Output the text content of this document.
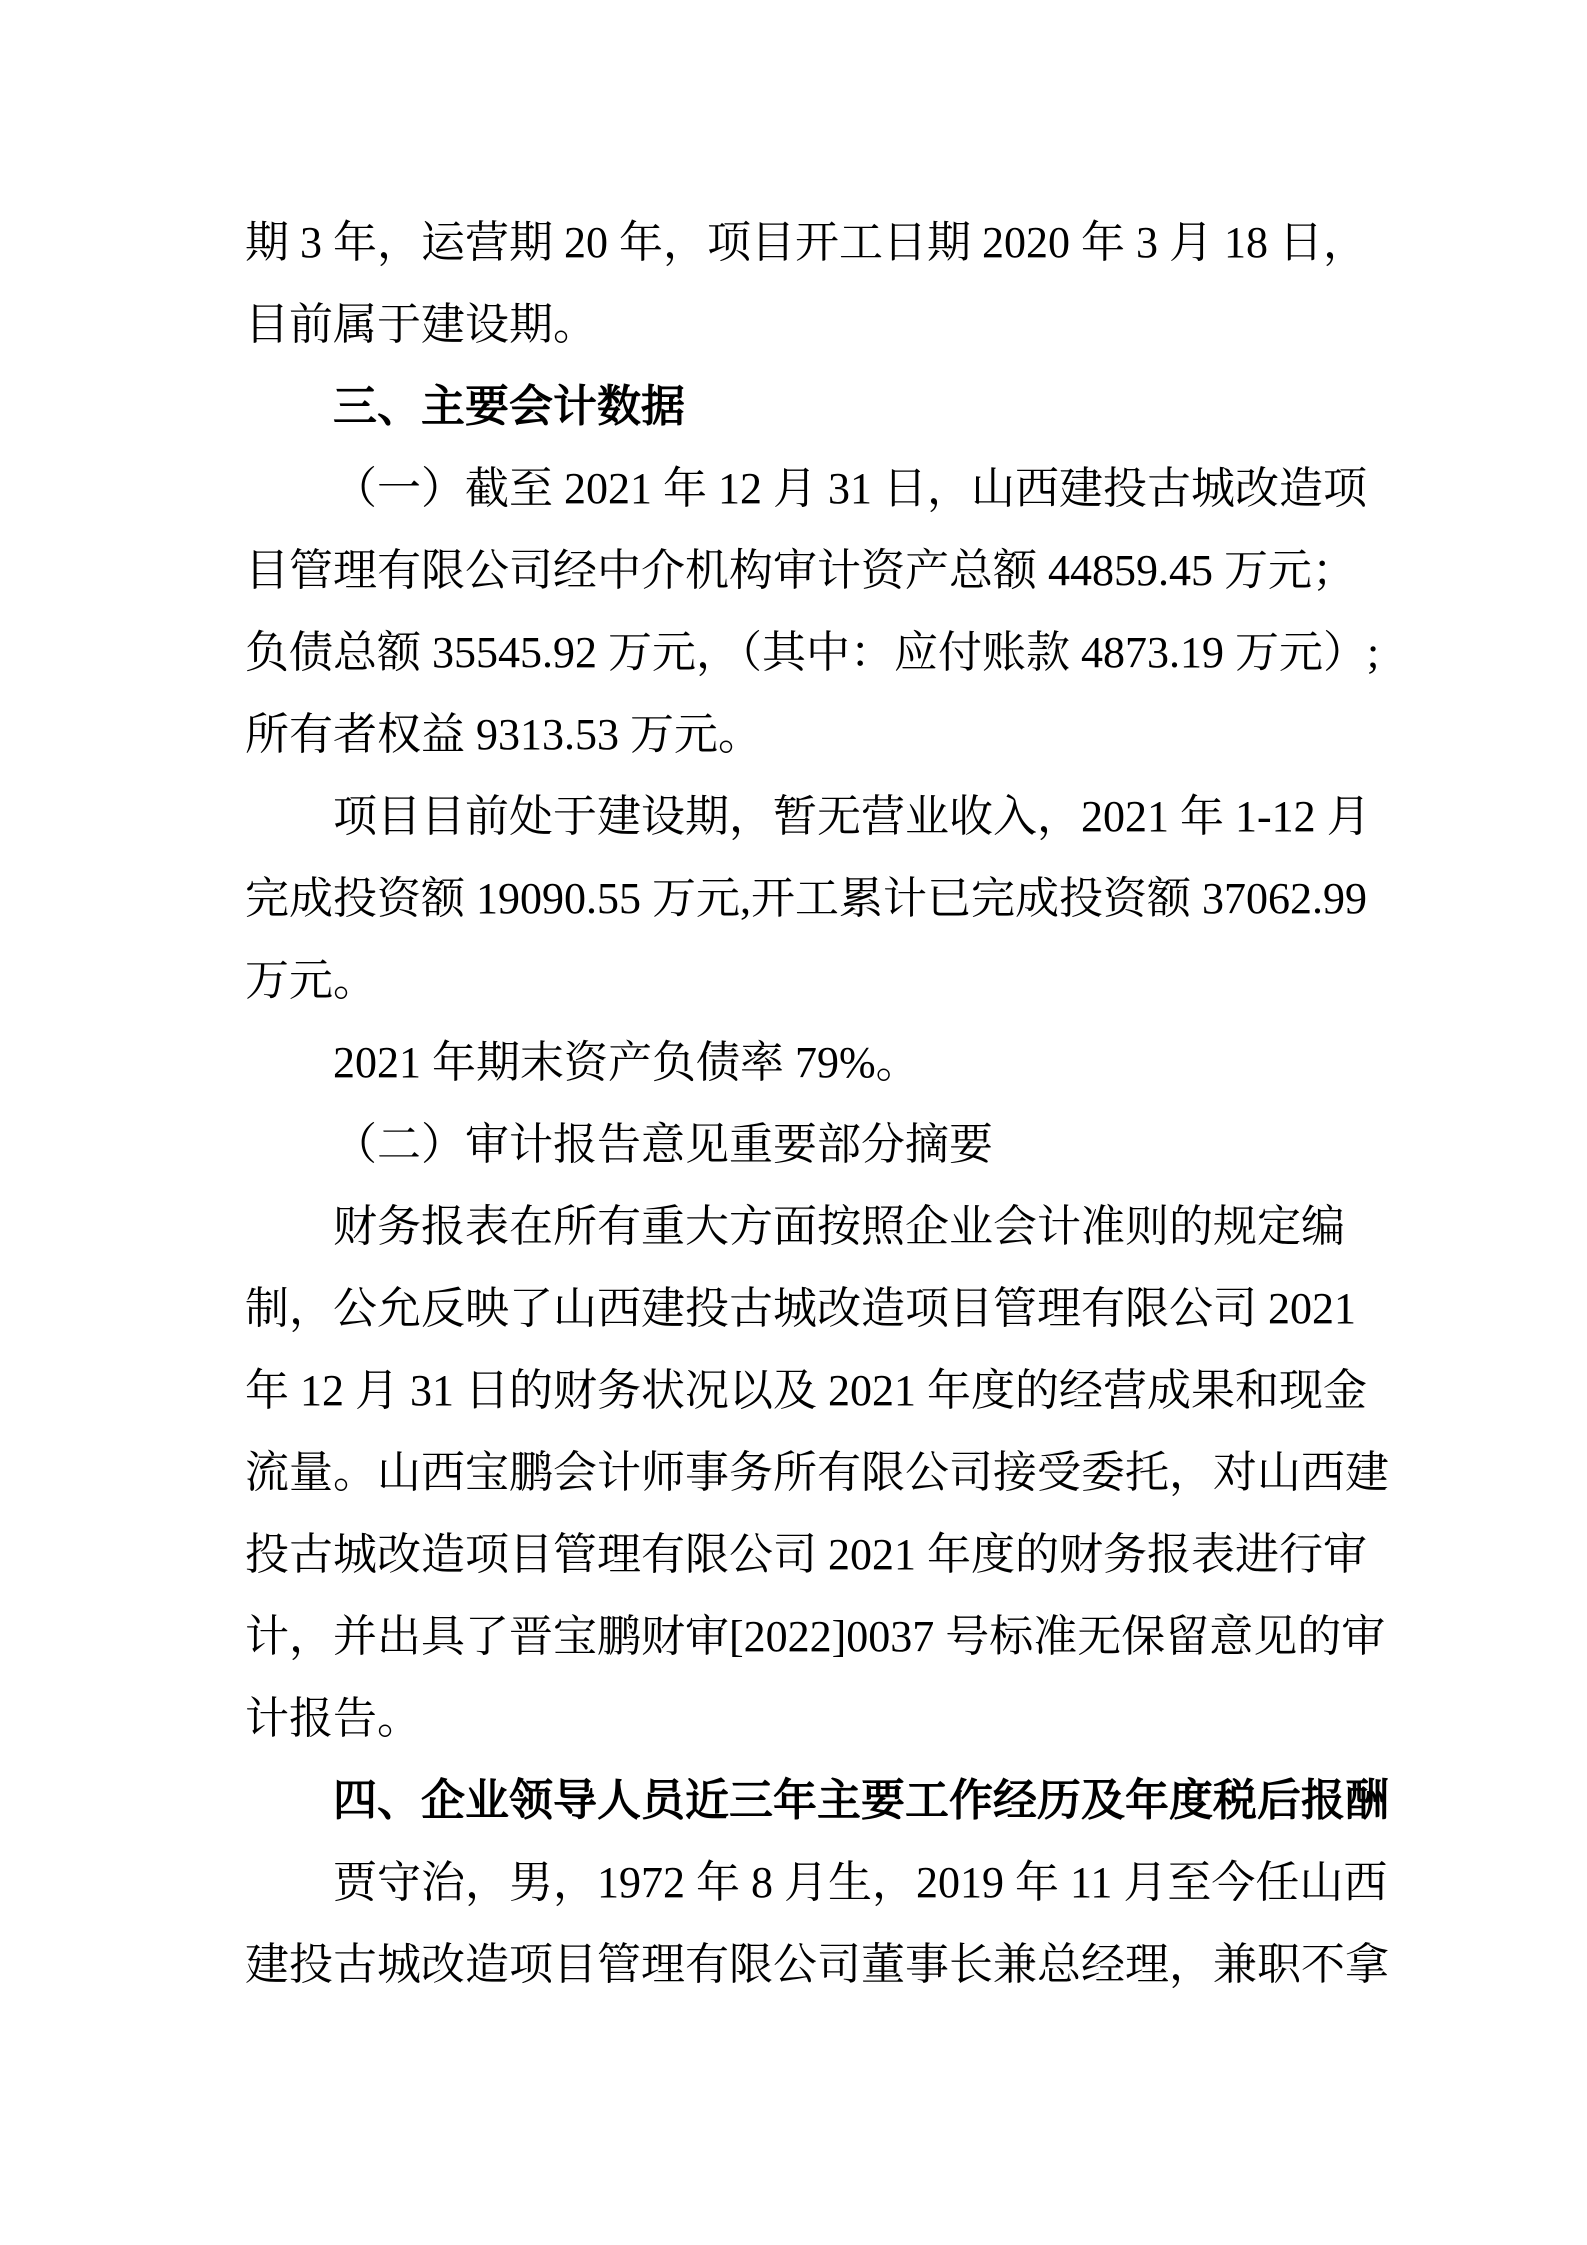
期 3 年，运营期 20 年，项目开工日期 2020 年 3 月 18 日，
目前属于建设期。
三、主要会计数据
（一）截至 2021 年 12 月 31 日，山西建投古城改造项
目管理有限公司经中介机构审计资产总额 44859.45 万元；
负债总额 35545.92 万元，（其中：应付账款 4873.19 万元）;
所有者权益 9313.53 万元。
项目目前处于建设期，暂无营业收入，2021 年 1-12 月
完成投资额 19090.55 万元,开工累计已完成投资额 37062.99
万元。
2021 年期末资产负债率 79%。
（二）审计报告意见重要部分摘要
财务报表在所有重大方面按照企业会计准则的规定编
制，公允反映了山西建投古城改造项目管理有限公司 2021
年 12 月 31 日的财务状况以及 2021 年度的经营成果和现金
流量。山西宝鹏会计师事务所有限公司接受委托，对山西建
投古城改造项目管理有限公司 2021 年度的财务报表进行审
计，并出具了晋宝鹏财审[2022]0037 号标准无保留意见的审
计报告。
四、企业领导人员近三年主要工作经历及年度税后报酬
贾守治，男，1972 年 8 月生，2019 年 11 月至今任山西
建投古城改造项目管理有限公司董事长兼总经理，兼职不拿
